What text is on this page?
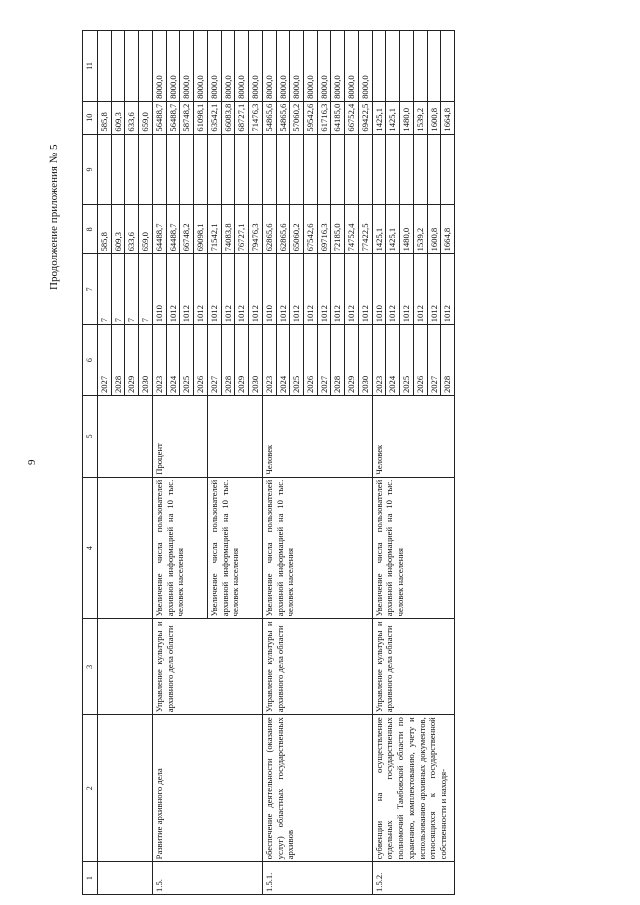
9
Продолжение приложения № 5
1	2	3	4	5	6	7	8	9	10	11
					2027	7	585,8		585,8	
					2028	7	609,3		609,3	
					2029	7	633,6		633,6	
					2030	7	659,0		659,0	
1.5.	Развитие архивного дела	Управление культуры и архивного дела области	Увеличение числа пользователей архивной информацией на 10 тыс. человек населения	Процент	2023	1010	64488,7		56488,7	8000,0
					2024	1012	64488,7		56488,7	8000,0
					2025	1012	66748,2		58748,2	8000,0
					2026	1012	69098,1		61098,1	8000,0
			Увеличение числа пользователей архивной информацией на 10 тыс. человек населения		2027	1012	71542,1		63542,1	8000,0
					2028	1012	74083,8		66083,8	8000,0
					2029	1012	76727,1		68727,1	8000,0
					2030	1012	79476,3		71476,3	8000,0
1.5.1.	обеспечение деятельности (оказание услуг) областных государственных архивов	Управление культуры и архивного дела области	Увеличение числа пользователей архивной информацией на 10 тыс. человек населения	Человек	2023	1010	62865,6		54865,6	8000,0
					2024	1012	62865,6		54865,6	8000,0
					2025	1012	65060,2		57060,2	8000,0
					2026	1012	67542,6		59542,6	8000,0
					2027	1012	69716,3		61716,3	8000,0
					2028	1012	72185,0		64185,0	8000,0
					2029	1012	74752,4		66752,4	8000,0
					2030	1012	77422,5		69422,5	8000,0
1.5.2.	субвенции на осуществление отдельных государственных полномочий Тамбовской области по хранению, комплектованию, учету и использованию архивных документов, относящихся к государственной собственности и находя-	Управление культуры и архивного дела области	Увеличение числа пользователей архивной информацией на 10 тыс. человек населения	Человек	2023	1010	1425,1		1425,1	
					2024	1012	1425,1		1425,1	
					2025	1012	1480,0		1480,0	
					2026	1012	1539,2		1539,2	
					2027	1012	1600,8		1600,8	
					2028	1012	1664,8		1664,8	
